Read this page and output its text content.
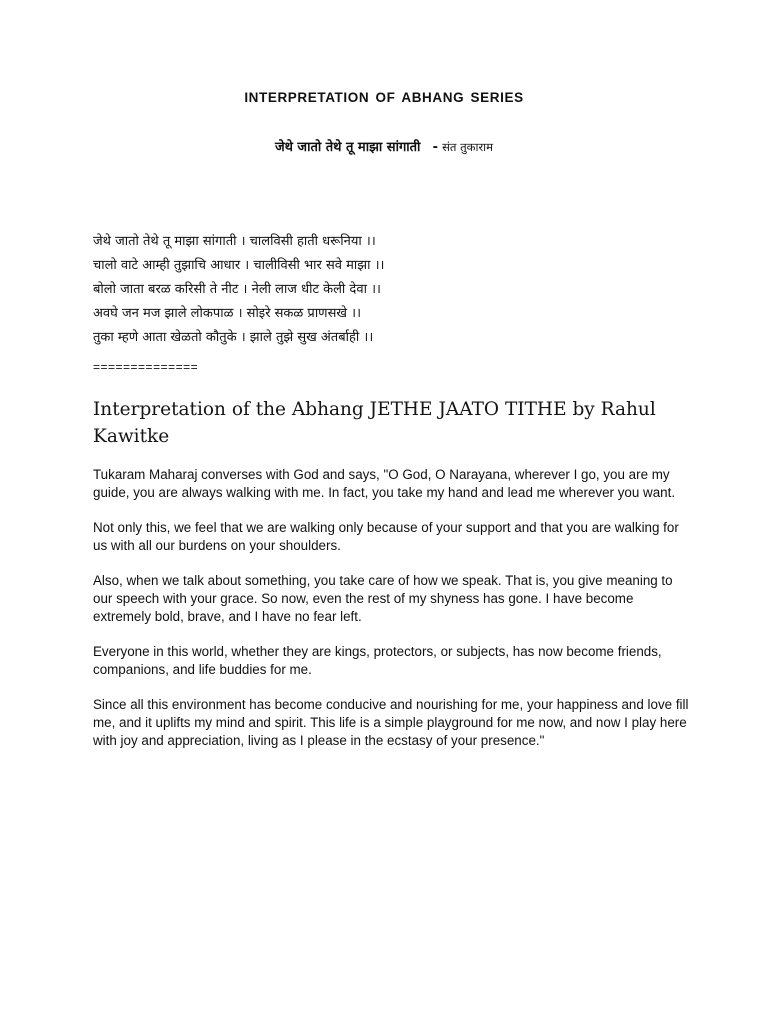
INTERPRETATION OF ABHANG SERIES
जेथे जातो तेथे तू माझा सांगाती - संत तुकाराम
जेथे जातो तेथे तू माझा सांगाती । चालविसी हाती धरूनिया ।।
चालो वाटे आम्ही तुझाचि आधार । चालीविसी भार सवे माझा ।।
बोलो जाता बरळ करिसी ते नीट । नेली लाज धीट केली देवा ।।
अवघे जन मज झाले लोकपाळ । सोइरे सकळ प्राणसखे ।।
तुका म्हणे आता खेळतो कौतुके । झाले तुझे सुख अंतर्बाही ।।
==============
Interpretation of the Abhang JETHE JAATO TITHE by Rahul Kawitke

Tukaram Maharaj converses with God and says, "O God, O Narayana, wherever I go, you are my guide, you are always walking with me. In fact, you take my hand and lead me wherever you want.

Not only this, we feel that we are walking only because of your support and that you are walking for us with all our burdens on your shoulders.

Also, when we talk about something, you take care of how we speak. That is, you give meaning to our speech with your grace. So now, even the rest of my shyness has gone. I have become extremely bold, brave, and I have no fear left.

Everyone in this world, whether they are kings, protectors, or subjects, has now become friends, companions, and life buddies for me.

Since all this environment has become conducive and nourishing for me, your happiness and love fill me, and it uplifts my mind and spirit. This life is a simple playground for me now, and now I play here with joy and appreciation, living as I please in the ecstasy of your presence."
